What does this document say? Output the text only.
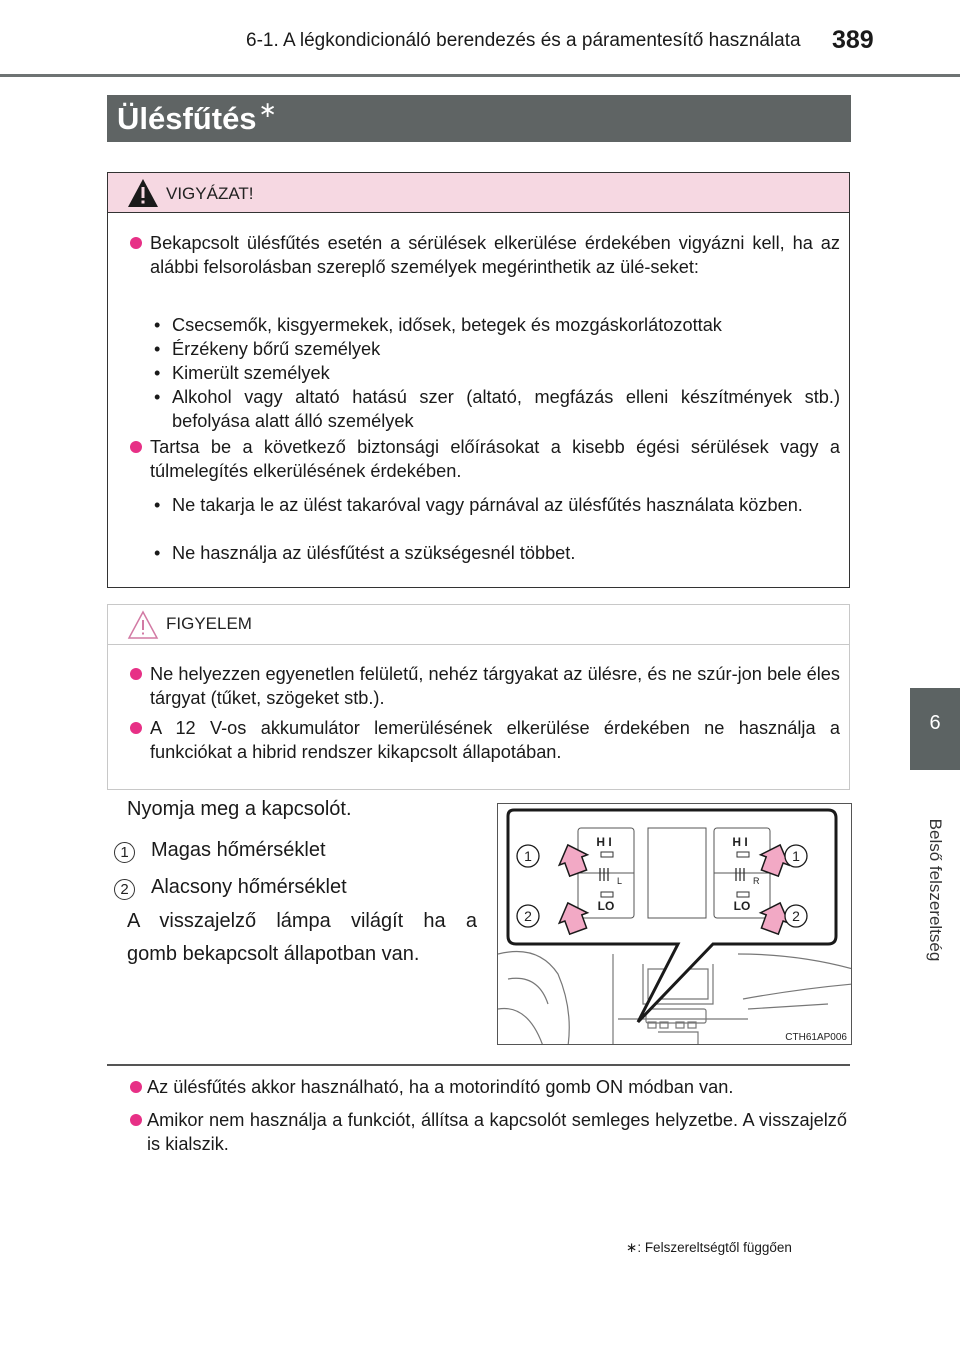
6-1. A légkondicionáló berendezés és a páramentesítő használata 389
6
Belső felszereltség
Ülésfűtés∗
VIGYÁZAT!
Bekapcsolt ülésfűtés esetén a sérülések elkerülése érdekében vigyázni kell, ha az alábbi felsorolásban szereplő személyek megérinthetik az ülé-seket:
• Csecsemők, kisgyermekek, idősek, betegek és mozgáskorlátozottak
• Érzékeny bőrű személyek
• Kimerült személyek
• Alkohol vagy altató hatású szer (altató, megfázás elleni készítmények stb.) befolyása alatt álló személyek
Tartsa be a következő biztonsági előírásokat a kisebb égési sérülések vagy a túlmelegítés elkerülésének érdekében.
• Ne takarja le az ülést takaróval vagy párnával az ülésfűtés használata közben.
• Ne használja az ülésfűtést a szükségesnél többet.
FIGYELEM
Ne helyezzen egyenetlen felületű, nehéz tárgyakat az ülésre, és ne szúr-jon bele éles tárgyat (tűket, szögeket stb.).
A 12 V-os akkumulátor lemerülésének elkerülése érdekében ne használja a funkciókat a hibrid rendszer kikapcsolt állapotában.
Nyomja meg a kapcsolót.
1	Magas hőmérséklet
2	Alacsony hőmérséklet
A visszajelző lámpa világít ha a
gomb bekapcsolt állapotban van.
H I
LO
H I
LO
L	R
1
2
1
2
CTH61AP006
Az ülésfűtés akkor használható, ha a motorindító gomb ON módban van.
Amikor nem használja a funkciót, állítsa a kapcsolót semleges helyzetbe. A visszajelző is kialszik.
∗: Felszereltségtől függően
